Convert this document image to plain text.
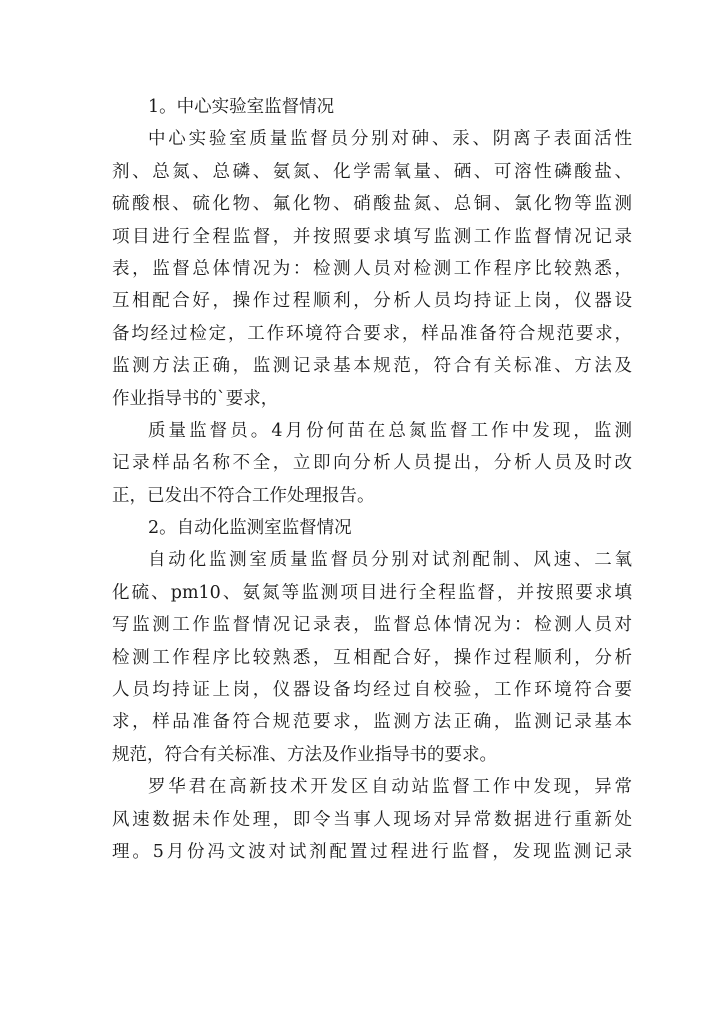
1。中心实验室监督情况
中心实验室质量监督员分别对砷、汞、阴离子表面活性
剂、总氮、总磷、氨氮、化学需氧量、硒、可溶性磷酸盐、
硫酸根、硫化物、氟化物、硝酸盐氮、总铜、氯化物等监测
项目进行全程监督，并按照要求填写监测工作监督情况记录
表，监督总体情况为：检测人员对检测工作程序比较熟悉，
互相配合好，操作过程顺利，分析人员均持证上岗，仪器设
备均经过检定，工作环境符合要求，样品准备符合规范要求，
监测方法正确，监测记录基本规范，符合有关标准、方法及
作业指导书的`要求，
质量监督员。4月份何苗在总氮监督工作中发现，监测
记录样品名称不全，立即向分析人员提出，分析人员及时改
正，已发出不符合工作处理报告。
2。自动化监测室监督情况
自动化监测室质量监督员分别对试剂配制、风速、二氧
化硫、pm10、氨氮等监测项目进行全程监督，并按照要求填
写监测工作监督情况记录表，监督总体情况为：检测人员对
检测工作程序比较熟悉，互相配合好，操作过程顺利，分析
人员均持证上岗，仪器设备均经过自校验，工作环境符合要
求，样品准备符合规范要求，监测方法正确，监测记录基本
规范，符合有关标准、方法及作业指导书的要求。
罗华君在高新技术开发区自动站监督工作中发现，异常
风速数据未作处理，即令当事人现场对异常数据进行重新处
理。5月份冯文波对试剂配置过程进行监督，发现监测记录
